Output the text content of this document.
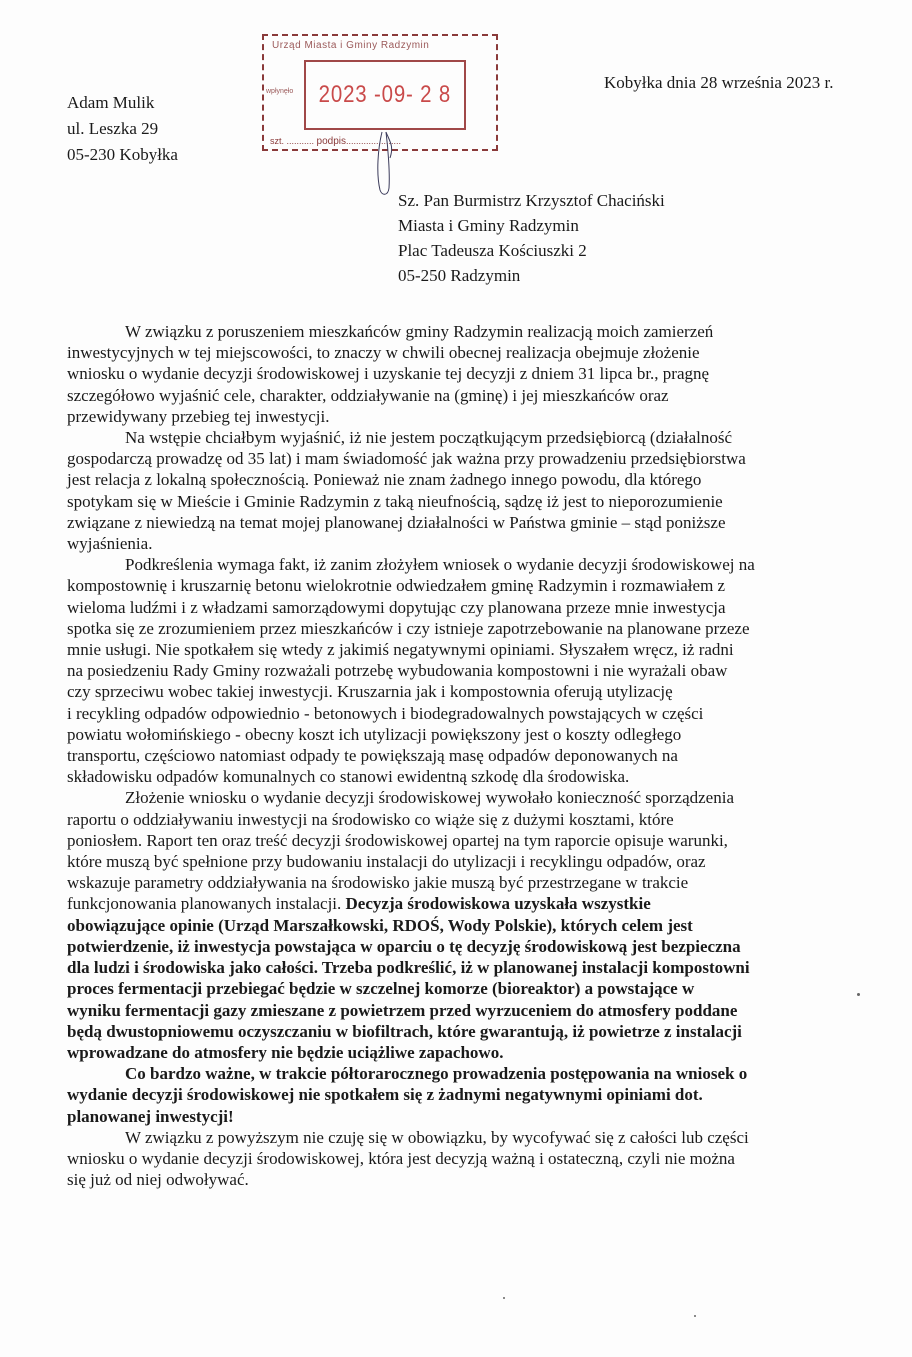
Adam Mulik
ul. Leszka 29
05-230 Kobyłka
Urząd Miasta i Gminy Radzymin
wpłynęło 2023 -09- 2 8
szt. ........... podpis......................
Kobyłka dnia 28 września 2023 r.
Sz. Pan Burmistrz Krzysztof Chaciński
Miasta i Gminy Radzymin
Plac Tadeusza Kościuszki 2
05-250 Radzymin
W związku z poruszeniem mieszkańców gminy Radzymin realizacją moich zamierzeń
inwestycyjnych w tej miejscowości, to znaczy w chwili obecnej realizacja obejmuje złożenie
wniosku o wydanie decyzji środowiskowej i uzyskanie tej decyzji z dniem 31 lipca br., pragnę
szczegółowo wyjaśnić cele, charakter, oddziaływanie na (gminę) i jej mieszkańców oraz
przewidywany przebieg tej inwestycji.
Na wstępie chciałbym wyjaśnić, iż nie jestem początkującym przedsiębiorcą (działalność
gospodarczą prowadzę od 35 lat) i mam świadomość jak ważna przy prowadzeniu przedsiębiorstwa
jest relacja z lokalną społecznością. Ponieważ nie znam żadnego innego powodu, dla którego
spotykam się w Mieście i Gminie Radzymin z taką nieufnością, sądzę iż jest to nieporozumienie
związane z niewiedzą na temat mojej planowanej działalności w Państwa gminie – stąd poniższe
wyjaśnienia.
Podkreślenia wymaga fakt, iż zanim złożyłem wniosek o wydanie decyzji środowiskowej na
kompostownię i kruszarnię betonu wielokrotnie odwiedzałem gminę Radzymin i rozmawiałem z
wieloma ludźmi i z władzami samorządowymi dopytując czy planowana przeze mnie inwestycja
spotka się ze zrozumieniem przez mieszkańców i czy istnieje zapotrzebowanie na planowane przeze
mnie usługi. Nie spotkałem się wtedy z jakimiś negatywnymi opiniami. Słyszałem wręcz, iż radni
na posiedzeniu Rady Gminy rozważali potrzebę wybudowania kompostowni i nie wyrażali obaw
czy sprzeciwu wobec takiej inwestycji. Kruszarnia jak i kompostownia oferują utylizację
i recykling odpadów odpowiednio - betonowych i biodegradowalnych powstających w części
powiatu wołomińskiego - obecny koszt ich utylizacji powiększony jest o koszty odległego
transportu, częściowo natomiast odpady te powiększają masę odpadów deponowanych na
składowisku odpadów komunalnych co stanowi ewidentną szkodę dla środowiska.
Złożenie wniosku o wydanie decyzji środowiskowej wywołało konieczność sporządzenia
raportu o oddziaływaniu inwestycji na środowisko co wiąże się z dużymi kosztami, które
poniosłem. Raport ten oraz treść decyzji środowiskowej opartej na tym raporcie opisuje warunki,
które muszą być spełnione przy budowaniu instalacji do utylizacji i recyklingu odpadów, oraz
wskazuje parametry oddziaływania na środowisko jakie muszą być przestrzegane w trakcie
funkcjonowania planowanych instalacji. Decyzja środowiskowa uzyskała wszystkie
obowiązujące opinie (Urząd Marszałkowski, RDOŚ, Wody Polskie), których celem jest
potwierdzenie, iż inwestycja powstająca w oparciu o tę decyzję środowiskową jest bezpieczna
dla ludzi i środowiska jako całości. Trzeba podkreślić, iż w planowanej instalacji kompostowni
proces fermentacji przebiegać będzie w szczelnej komorze (bioreaktor) a powstające w
wyniku fermentacji gazy zmieszane z powietrzem przed wyrzuceniem do atmosfery poddane
będą dwustopniowemu oczyszczaniu w biofiltrach, które gwarantują, iż powietrze z instalacji
wprowadzane do atmosfery nie będzie uciążliwe zapachowo.
Co bardzo ważne, w trakcie półtorarocznego prowadzenia postępowania na wniosek o
wydanie decyzji środowiskowej nie spotkałem się z żadnymi negatywnymi opiniami dot.
planowanej inwestycji!
W związku z powyższym nie czuję się w obowiązku, by wycofywać się z całości lub części
wniosku o wydanie decyzji środowiskowej, która jest decyzją ważną i ostateczną, czyli nie można
się już od niej odwoływać.
